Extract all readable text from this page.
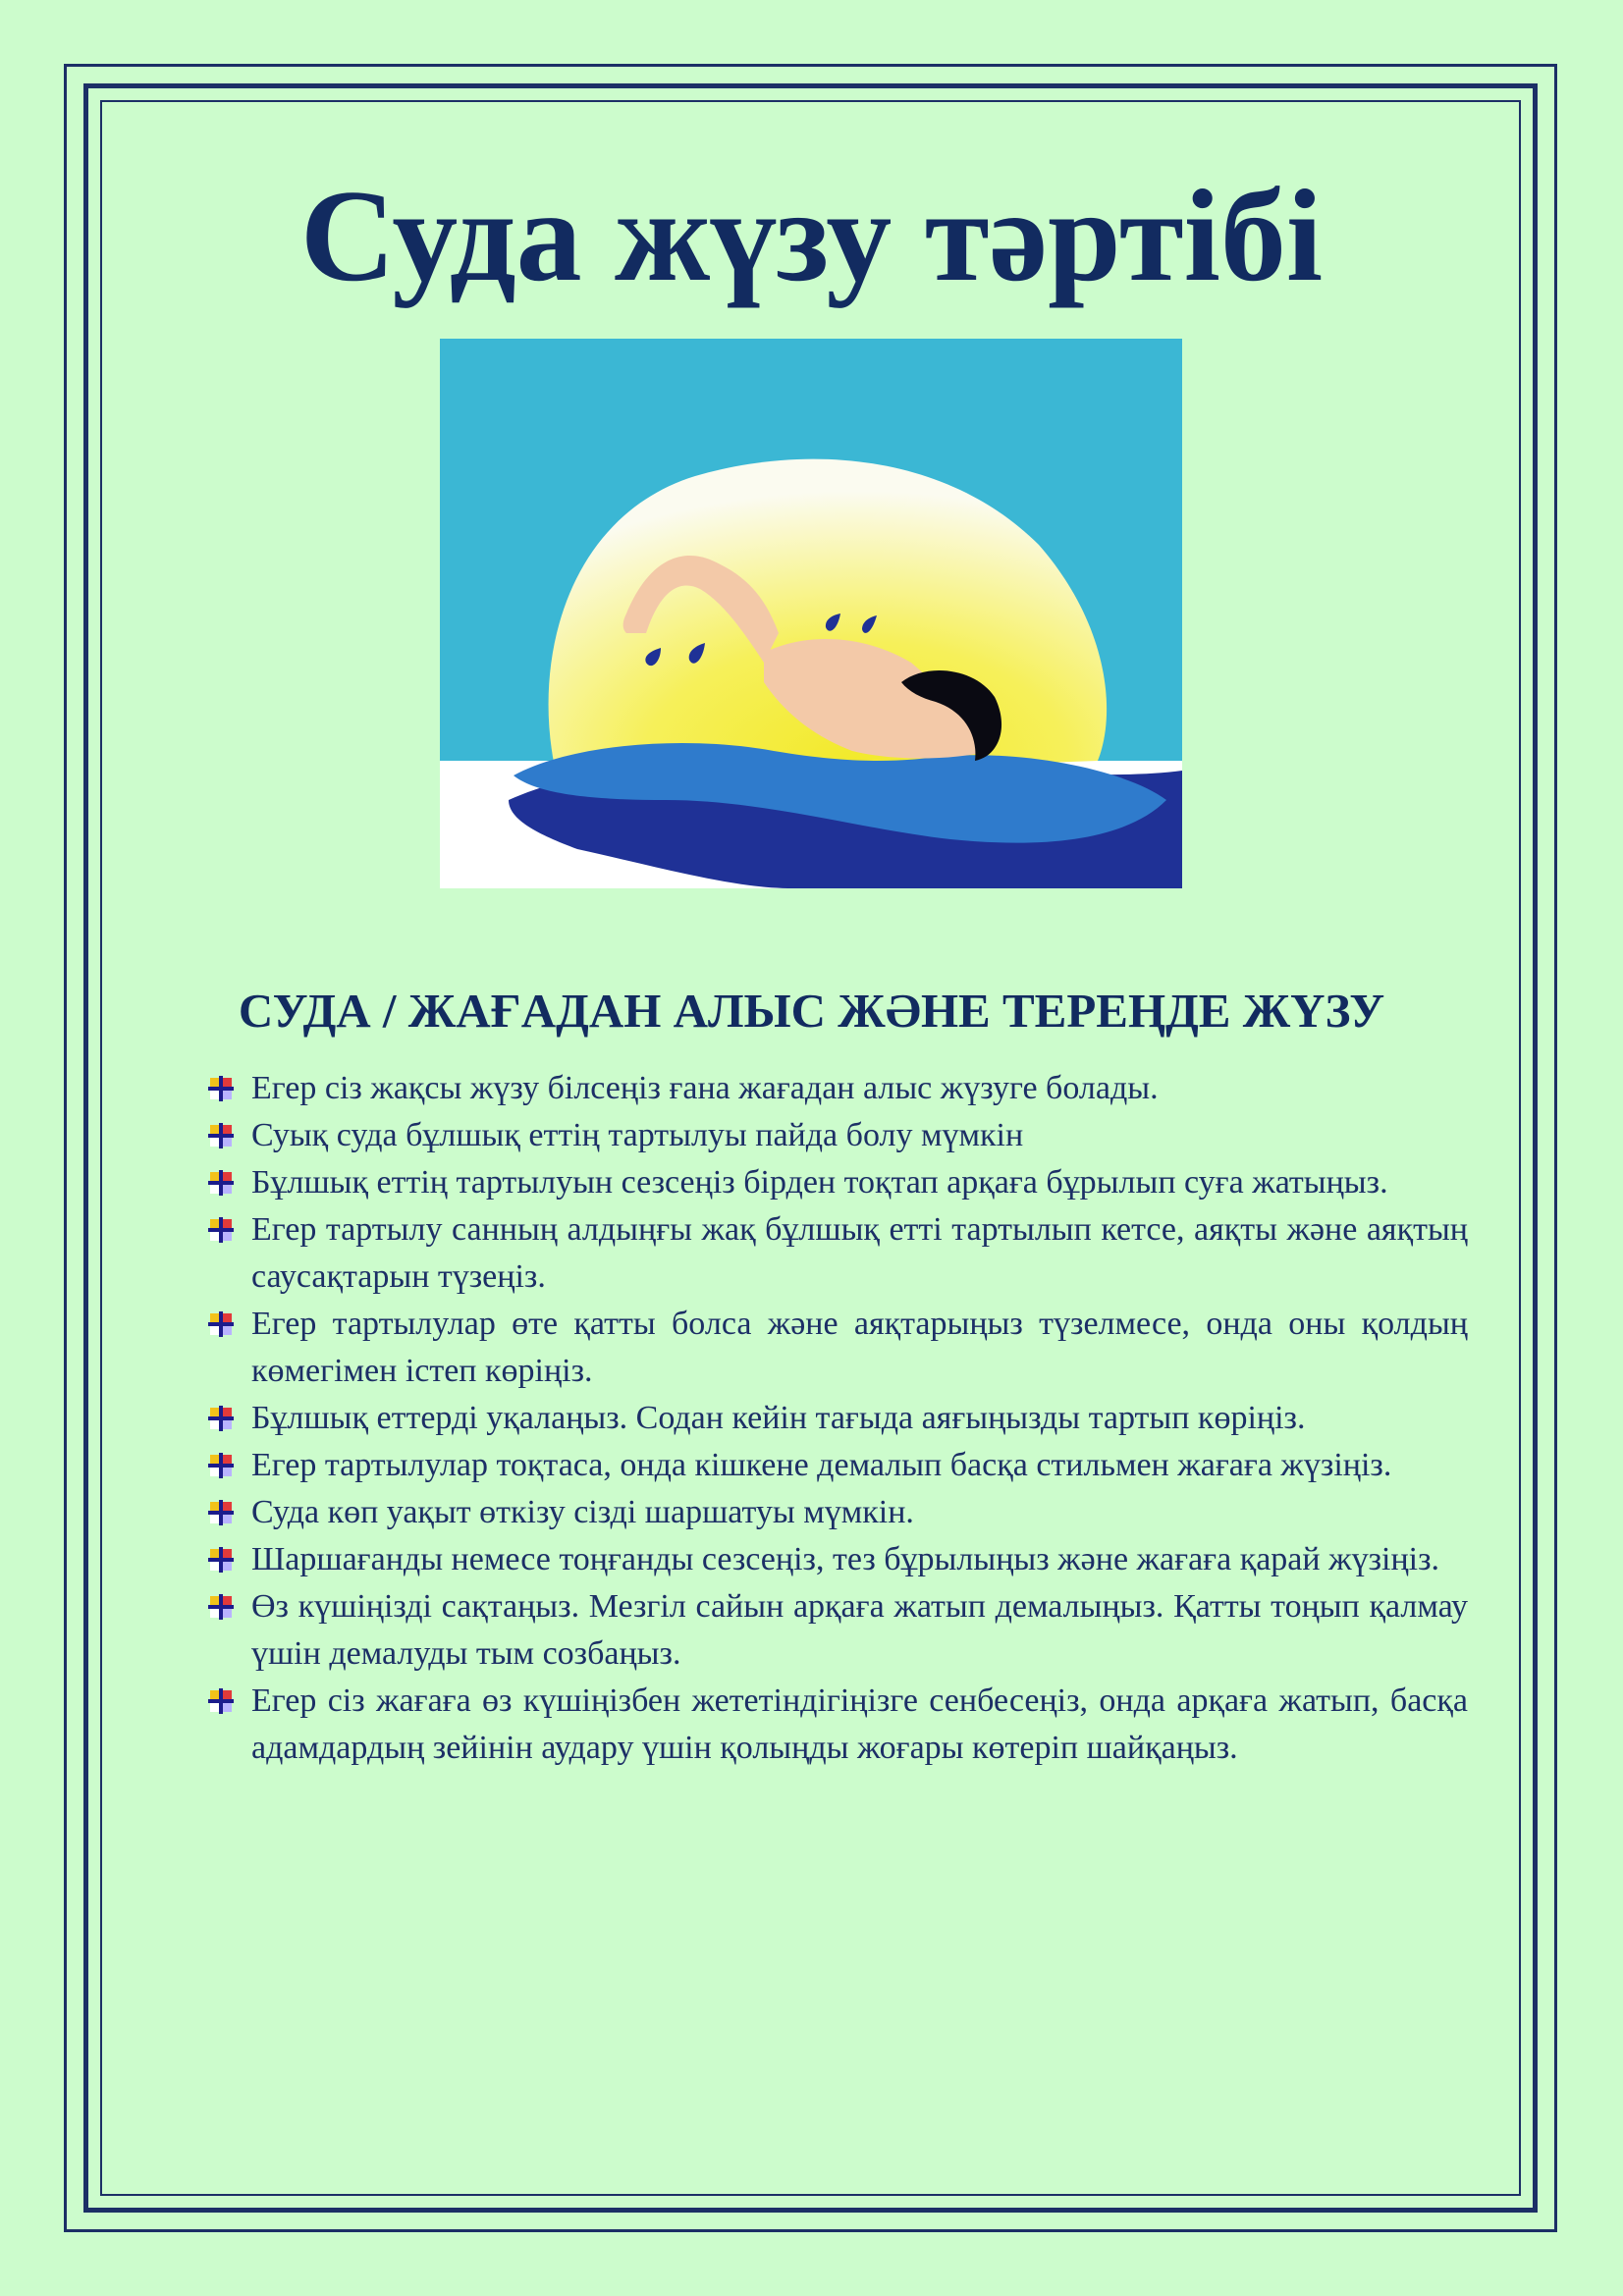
Суда жүзу тәртібі
СУДА / ЖАҒАДАН АЛЫС ЖӘНЕ ТЕРЕҢДЕ ЖҮЗУ
Егер сіз жақсы жүзу білсеңіз ғана жағадан алыс жүзуге болады.
Суық суда бұлшық еттің тартылуы пайда болу мүмкін
Бұлшық еттің тартылуын сезсеңіз бірден тоқтап арқаға бұрылып суға жатыңыз.
Егер тартылу санның алдыңғы жақ бұлшық етті тартылып кетсе, аяқты және аяқтың саусақтарын түзеңіз.
Егер тартылулар өте қатты болса және аяқтарыңыз түзелмесе, онда оны қолдың көмегімен істеп көріңіз.
Бұлшық еттерді уқалаңыз. Содан кейін тағыда аяғыңызды тартып көріңіз.
Егер тартылулар тоқтаса, онда кішкене демалып басқа стильмен жағаға жүзіңіз.
Суда көп уақыт өткізу сізді шаршатуы мүмкін.
Шаршағанды немесе тоңғанды сезсеңіз, тез бұрылыңыз және жағаға қарай жүзіңіз.
Өз күшіңізді сақтаңыз. Мезгіл сайын арқаға жатып демалыңыз. Қатты тоңып қалмау үшін демалуды тым созбаңыз.
Егер сіз жағаға өз күшіңізбен жететіндігіңізге сенбесеңіз, онда арқаға жатып, басқа адамдардың зейінін аудару үшін қолыңды жоғары көтеріп шайқаңыз.
